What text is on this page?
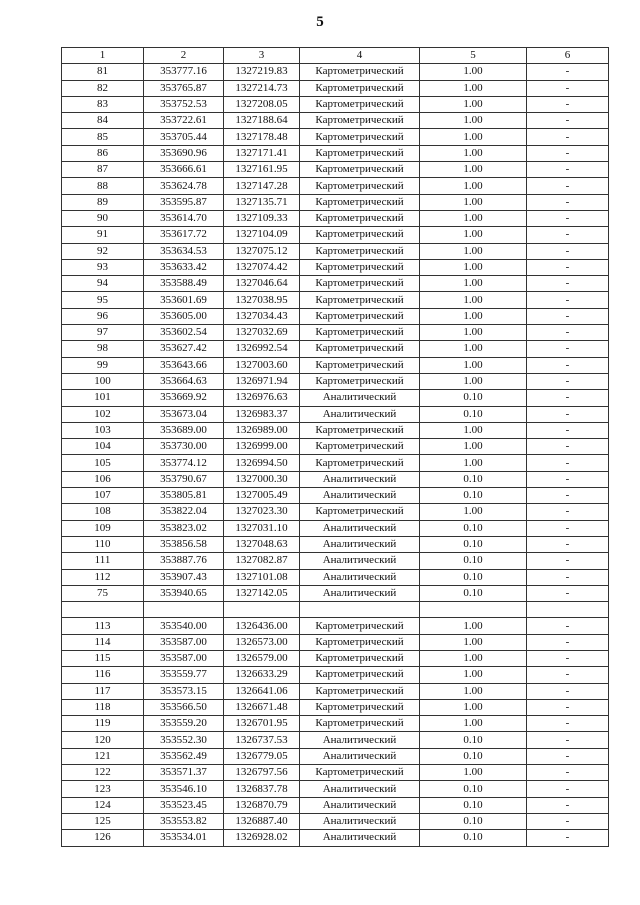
5
1	2	3	4	5	6
81	353777.16	1327219.83	Картометрический	1.00	-
82	353765.87	1327214.73	Картометрический	1.00	-
83	353752.53	1327208.05	Картометрический	1.00	-
84	353722.61	1327188.64	Картометрический	1.00	-
85	353705.44	1327178.48	Картометрический	1.00	-
86	353690.96	1327171.41	Картометрический	1.00	-
87	353666.61	1327161.95	Картометрический	1.00	-
88	353624.78	1327147.28	Картометрический	1.00	-
89	353595.87	1327135.71	Картометрический	1.00	-
90	353614.70	1327109.33	Картометрический	1.00	-
91	353617.72	1327104.09	Картометрический	1.00	-
92	353634.53	1327075.12	Картометрический	1.00	-
93	353633.42	1327074.42	Картометрический	1.00	-
94	353588.49	1327046.64	Картометрический	1.00	-
95	353601.69	1327038.95	Картометрический	1.00	-
96	353605.00	1327034.43	Картометрический	1.00	-
97	353602.54	1327032.69	Картометрический	1.00	-
98	353627.42	1326992.54	Картометрический	1.00	-
99	353643.66	1327003.60	Картометрический	1.00	-
100	353664.63	1326971.94	Картометрический	1.00	-
101	353669.92	1326976.63	Аналитический	0.10	-
102	353673.04	1326983.37	Аналитический	0.10	-
103	353689.00	1326989.00	Картометрический	1.00	-
104	353730.00	1326999.00	Картометрический	1.00	-
105	353774.12	1326994.50	Картометрический	1.00	-
106	353790.67	1327000.30	Аналитический	0.10	-
107	353805.81	1327005.49	Аналитический	0.10	-
108	353822.04	1327023.30	Картометрический	1.00	-
109	353823.02	1327031.10	Аналитический	0.10	-
110	353856.58	1327048.63	Аналитический	0.10	-
111	353887.76	1327082.87	Аналитический	0.10	-
112	353907.43	1327101.08	Аналитический	0.10	-
75	353940.65	1327142.05	Аналитический	0.10	-

113	353540.00	1326436.00	Картометрический	1.00	-
114	353587.00	1326573.00	Картометрический	1.00	-
115	353587.00	1326579.00	Картометрический	1.00	-
116	353559.77	1326633.29	Картометрический	1.00	-
117	353573.15	1326641.06	Картометрический	1.00	-
118	353566.50	1326671.48	Картометрический	1.00	-
119	353559.20	1326701.95	Картометрический	1.00	-
120	353552.30	1326737.53	Аналитический	0.10	-
121	353562.49	1326779.05	Аналитический	0.10	-
122	353571.37	1326797.56	Картометрический	1.00	-
123	353546.10	1326837.78	Аналитический	0.10	-
124	353523.45	1326870.79	Аналитический	0.10	-
125	353553.82	1326887.40	Аналитический	0.10	-
126	353534.01	1326928.02	Аналитический	0.10	-
